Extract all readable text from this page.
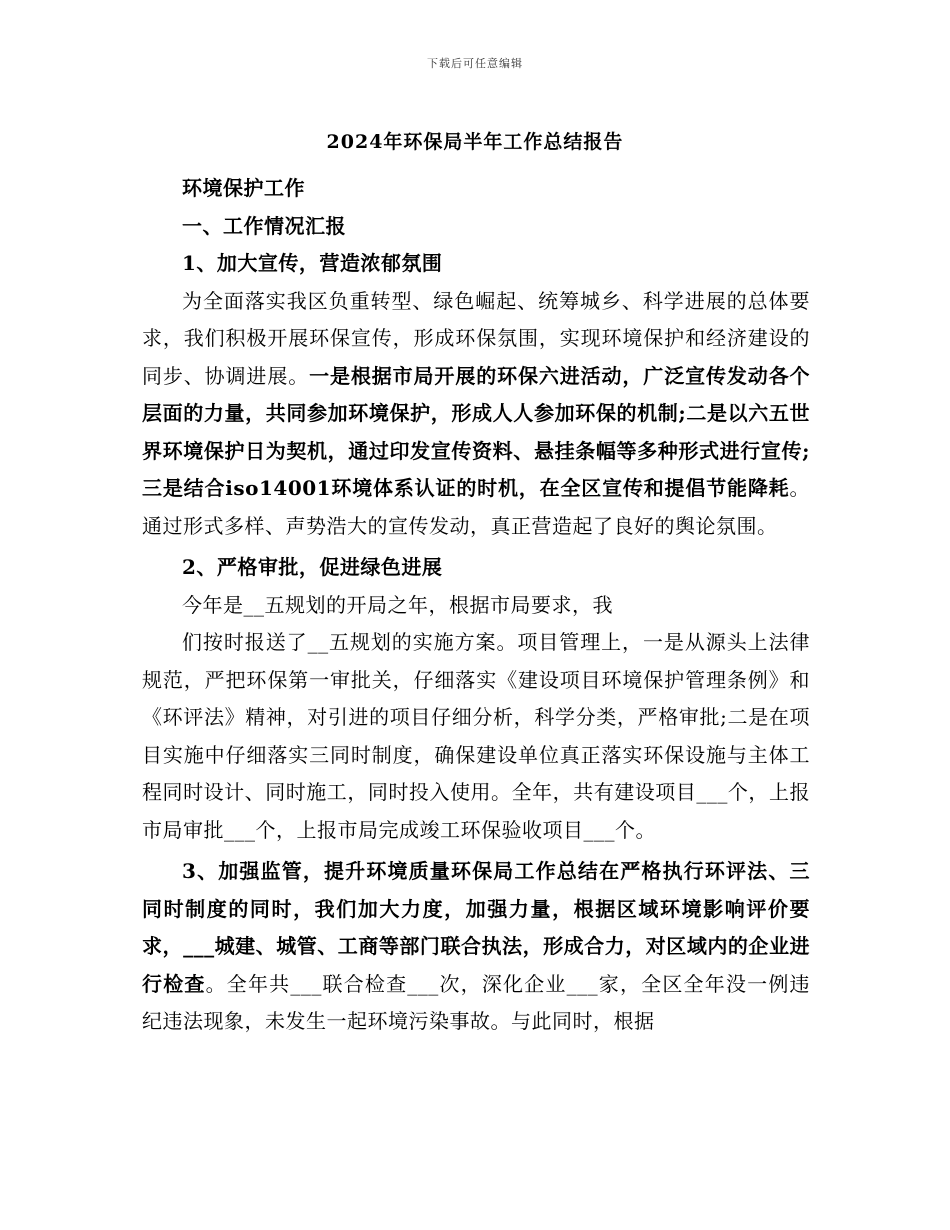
下载后可任意编辑
2024年环保局半年工作总结报告

环境保护工作

一、工作情况汇报

1、加大宣传，营造浓郁氛围

为全面落实我区负重转型、绿色崛起、统筹城乡、科学进展的总体要求，我们积极开展环保宣传，形成环保氛围，实现环境保护和经济建设的同步、协调进展。一是根据市局开展的环保六进活动，广泛宣传发动各个层面的力量，共同参加环境保护，形成人人参加环保的机制;二是以六五世界环境保护日为契机，通过印发宣传资料、悬挂条幅等多种形式进行宣传;三是结合iso14001环境体系认证的时机，在全区宣传和提倡节能降耗。通过形式多样、声势浩大的宣传发动，真正营造起了良好的舆论氛围。

2、严格审批，促进绿色进展

今年是__五规划的开局之年，根据市局要求，我

们按时报送了__五规划的实施方案。项目管理上，一是从源头上法律规范，严把环保第一审批关，仔细落实《建设项目环境保护管理条例》和《环评法》精神，对引进的项目仔细分析，科学分类，严格审批;二是在项目实施中仔细落实三同时制度，确保建设单位真正落实环保设施与主体工程同时设计、同时施工，同时投入使用。全年，共有建设项目___个，上报市局审批___个，上报市局完成竣工环保验收项目___个。

3、加强监管，提升环境质量环保局工作总结在严格执行环评法、三同时制度的同时，我们加大力度，加强力量，根据区域环境影响评价要求，___城建、城管、工商等部门联合执法，形成合力，对区域内的企业进行检查。全年共___联合检查___次，深化企业___家，全区全年没一例违纪违法现象，未发生一起环境污染事故。与此同时，根据
